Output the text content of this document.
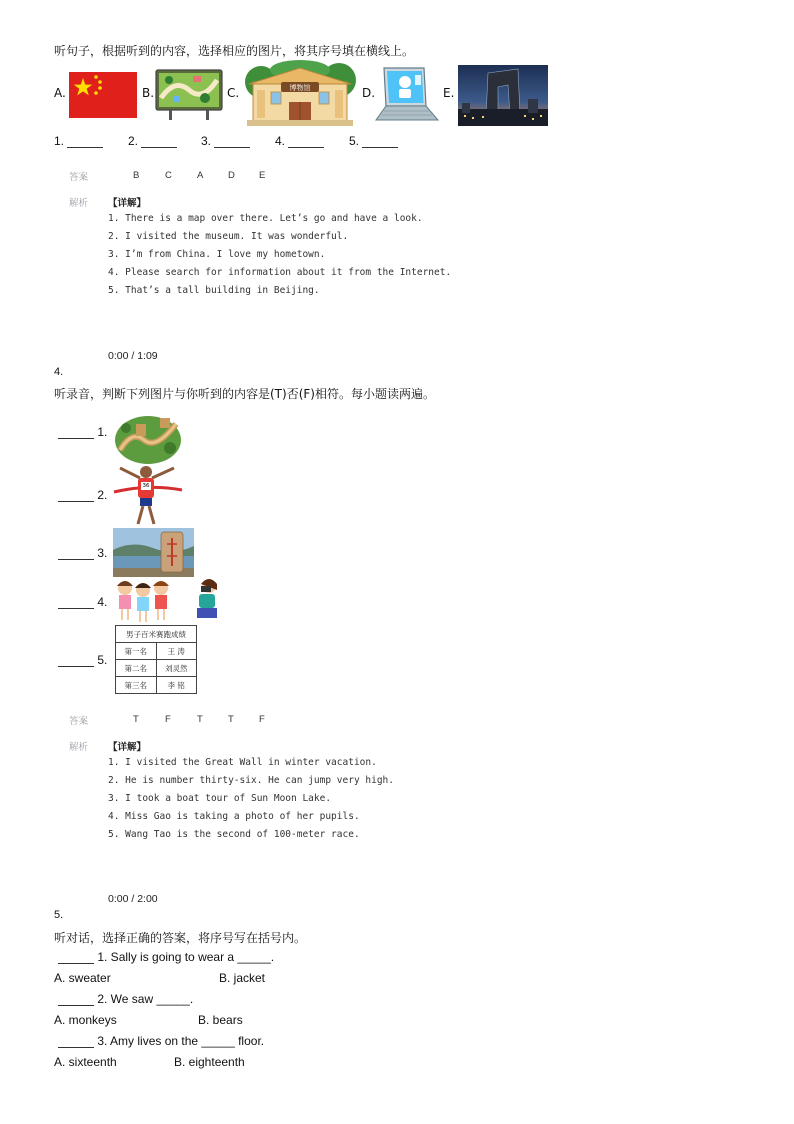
听句子，根据听到的内容，选择相应的图片，将其序号填在横线上。
A.	B.	C.	博物馆	D.	E.
1.	2.	3.	4.	5.
答案	B	C	A	D	E
解析 【详解】
1. There is a map over there. Let’s go and have a look.
2. I visited the museum. It was wonderful.
3. I’m from China. I love my hometown.
4. Please search for information about it from the Internet.
5. That’s a tall building in Beijing.
0:00 / 1:09
4.
听录音，判断下列图片与你听到的内容是(T)否(F)相符。每小题读两遍。
1.
2.
36
3.
4.
5.
男子百米赛跑成绩	
第一名	王 涛
第二名	刘灵然
第三名	李 铭
答案	T	F	T	T	F
解析 【详解】
1. I visited the Great Wall in winter vacation.
2. He is number thirty-six. He can jump very high.
3. I took a boat tour of Sun Moon Lake.
4. Miss Gao is taking a photo of her pupils.
5. Wang Tao is the second of 100-meter race.
0:00 / 2:00
5.
听对话，选择正确的答案，将序号写在括号内。
1. Sally is going to wear a _____.
A. sweater	B. jacket
2. We saw _____.
A. monkeys	B. bears
3. Amy lives on the _____ floor.
A. sixteenth	B. eighteenth
